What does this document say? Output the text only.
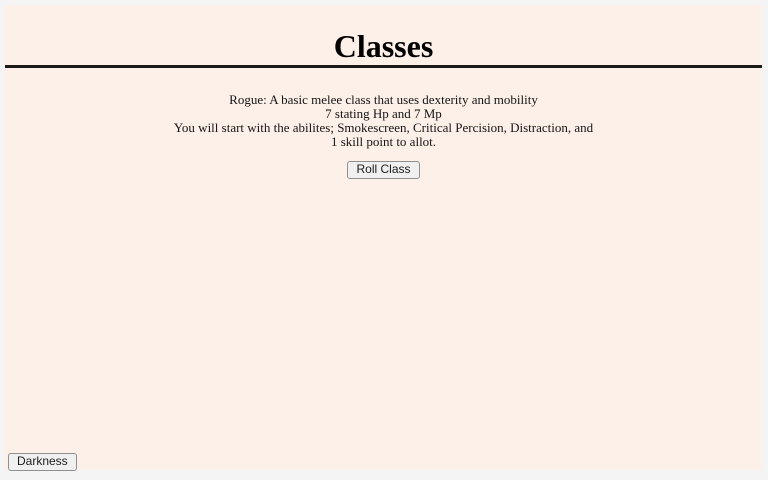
Classes
Rogue: A basic melee class that uses dexterity and mobility
7 stating Hp and 7 Mp
You will start with the abilites; Smokescreen, Critical Percision, Distraction, and
1 skill point to allot.
Roll Class
Darkness
